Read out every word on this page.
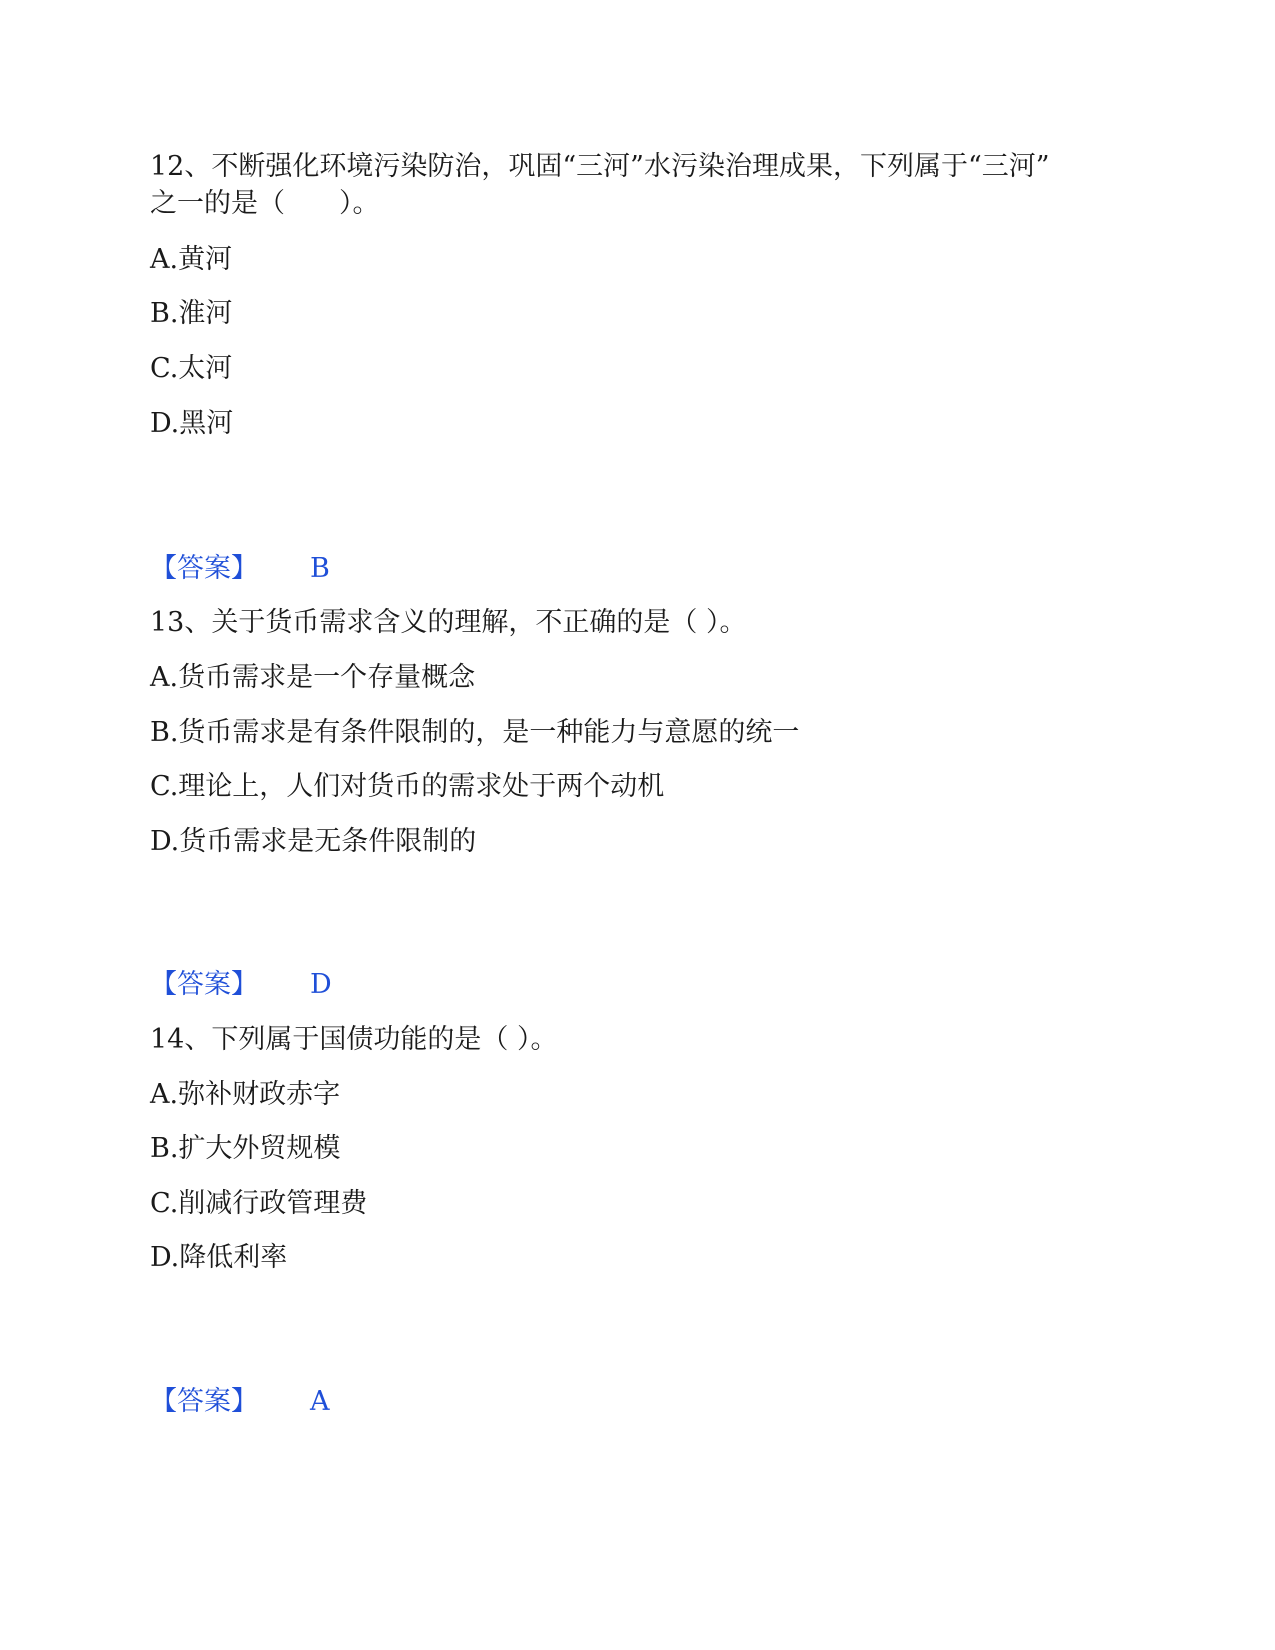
12、不断强化环境污染防治，巩固“三河”水污染治理成果，下列属于“三河”
之一的是（　　）。
A.黄河
B.淮河
C.太河
D.黑河
【答案】 B
13、关于货币需求含义的理解，不正确的是（ ）。
A.货币需求是一个存量概念
B.货币需求是有条件限制的，是一种能力与意愿的统一
C.理论上，人们对货币的需求处于两个动机
D.货币需求是无条件限制的
【答案】 D
14、下列属于国债功能的是（ ）。
A.弥补财政赤字
B.扩大外贸规模
C.削减行政管理费
D.降低利率
【答案】 A
